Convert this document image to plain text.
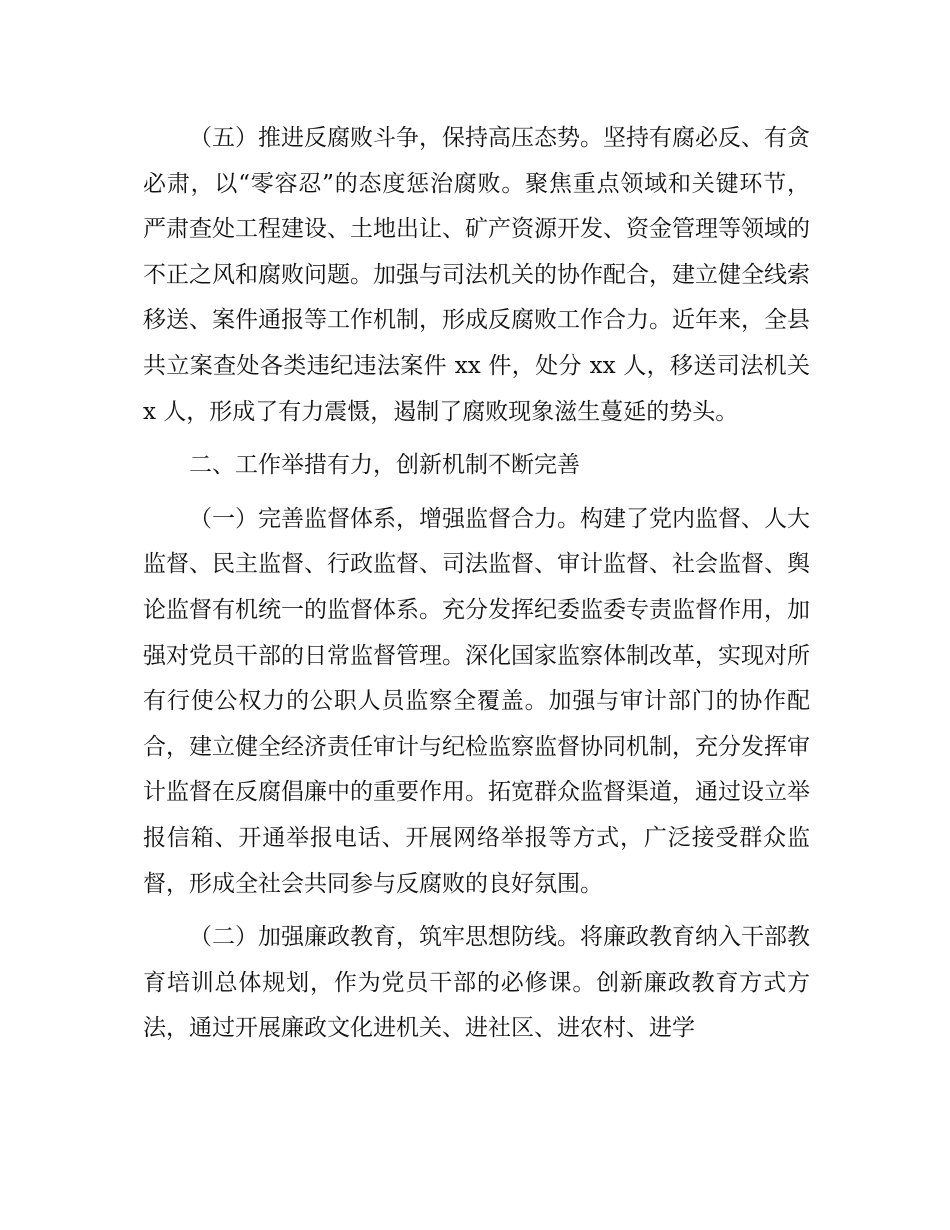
（五）推进反腐败斗争，保持高压态势。坚持有腐必反、有贪必肃，以“零容忍”的态度惩治腐败。聚焦重点领域和关键环节，严肃查处工程建设、土地出让、矿产资源开发、资金管理等领域的不正之风和腐败问题。加强与司法机关的协作配合，建立健全线索移送、案件通报等工作机制，形成反腐败工作合力。近年来，全县共立案查处各类违纪违法案件 xx 件，处分 xx 人，移送司法机关 x 人，形成了有力震慑，遏制了腐败现象滋生蔓延的势头。

二、工作举措有力，创新机制不断完善

（一）完善监督体系，增强监督合力。构建了党内监督、人大监督、民主监督、行政监督、司法监督、审计监督、社会监督、舆论监督有机统一的监督体系。充分发挥纪委监委专责监督作用，加强对党员干部的日常监督管理。深化国家监察体制改革，实现对所有行使公权力的公职人员监察全覆盖。加强与审计部门的协作配合，建立健全经济责任审计与纪检监察监督协同机制，充分发挥审计监督在反腐倡廉中的重要作用。拓宽群众监督渠道，通过设立举报信箱、开通举报电话、开展网络举报等方式，广泛接受群众监督，形成全社会共同参与反腐败的良好氛围。

（二）加强廉政教育，筑牢思想防线。将廉政教育纳入干部教育培训总体规划，作为党员干部的必修课。创新廉政教育方式方法，通过开展廉政文化进机关、进社区、进农村、进学
